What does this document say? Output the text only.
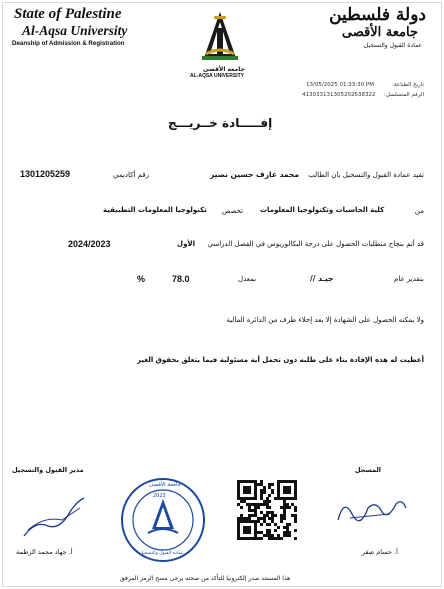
State of Palestine
Al-Aqsa University
Deanship of Admission & Registration
جامعة الأقصى
AL-AQSA UNIVERSITY
دولة فلسطين
جامعة الأقصى
عمادة القبول والتسجيل
تاريخ الطباعة:
13/05/2025 01:33:30 PM
الرقم المتسلسل:
413033131305202538322
إفـــــادة خــريـــج
تفيد عمادة القبول والتسجيل بان الطالب
محمد عارف حسين نصير
رقم أكاديمي
1301205259
من
كلية الحاسبات وتكنولوجيا المعلومات
تخصص
تكنولوجيا المعلومات التطبيقية
قد أتم بنجاح متطلبات الحصول على درجة البكالوريوس في الفصل الدراسي
الأول
2024/2023
بتقدير عام
جيـد //
بمعدل
78.0
%
ولا يمكنه الحصول على الشهادة إلا بعد إخلاء طرف من الدائرة المالية
أعطيت له هذه الإفادة بناء على طلبه دون تحمل أية مسئولية فيما يتعلق بحقوق الغير
المسجل
مدير القبول والتسجيل
أ. حسام صقر
أ. جهاد محمد الزطمة
جامعة الأقصى
2023
عمادة القبول والتسجيل
هذا المستند صدر إلكترونيا للتأكد من صحته يرجى مسح الرمز المرفق
